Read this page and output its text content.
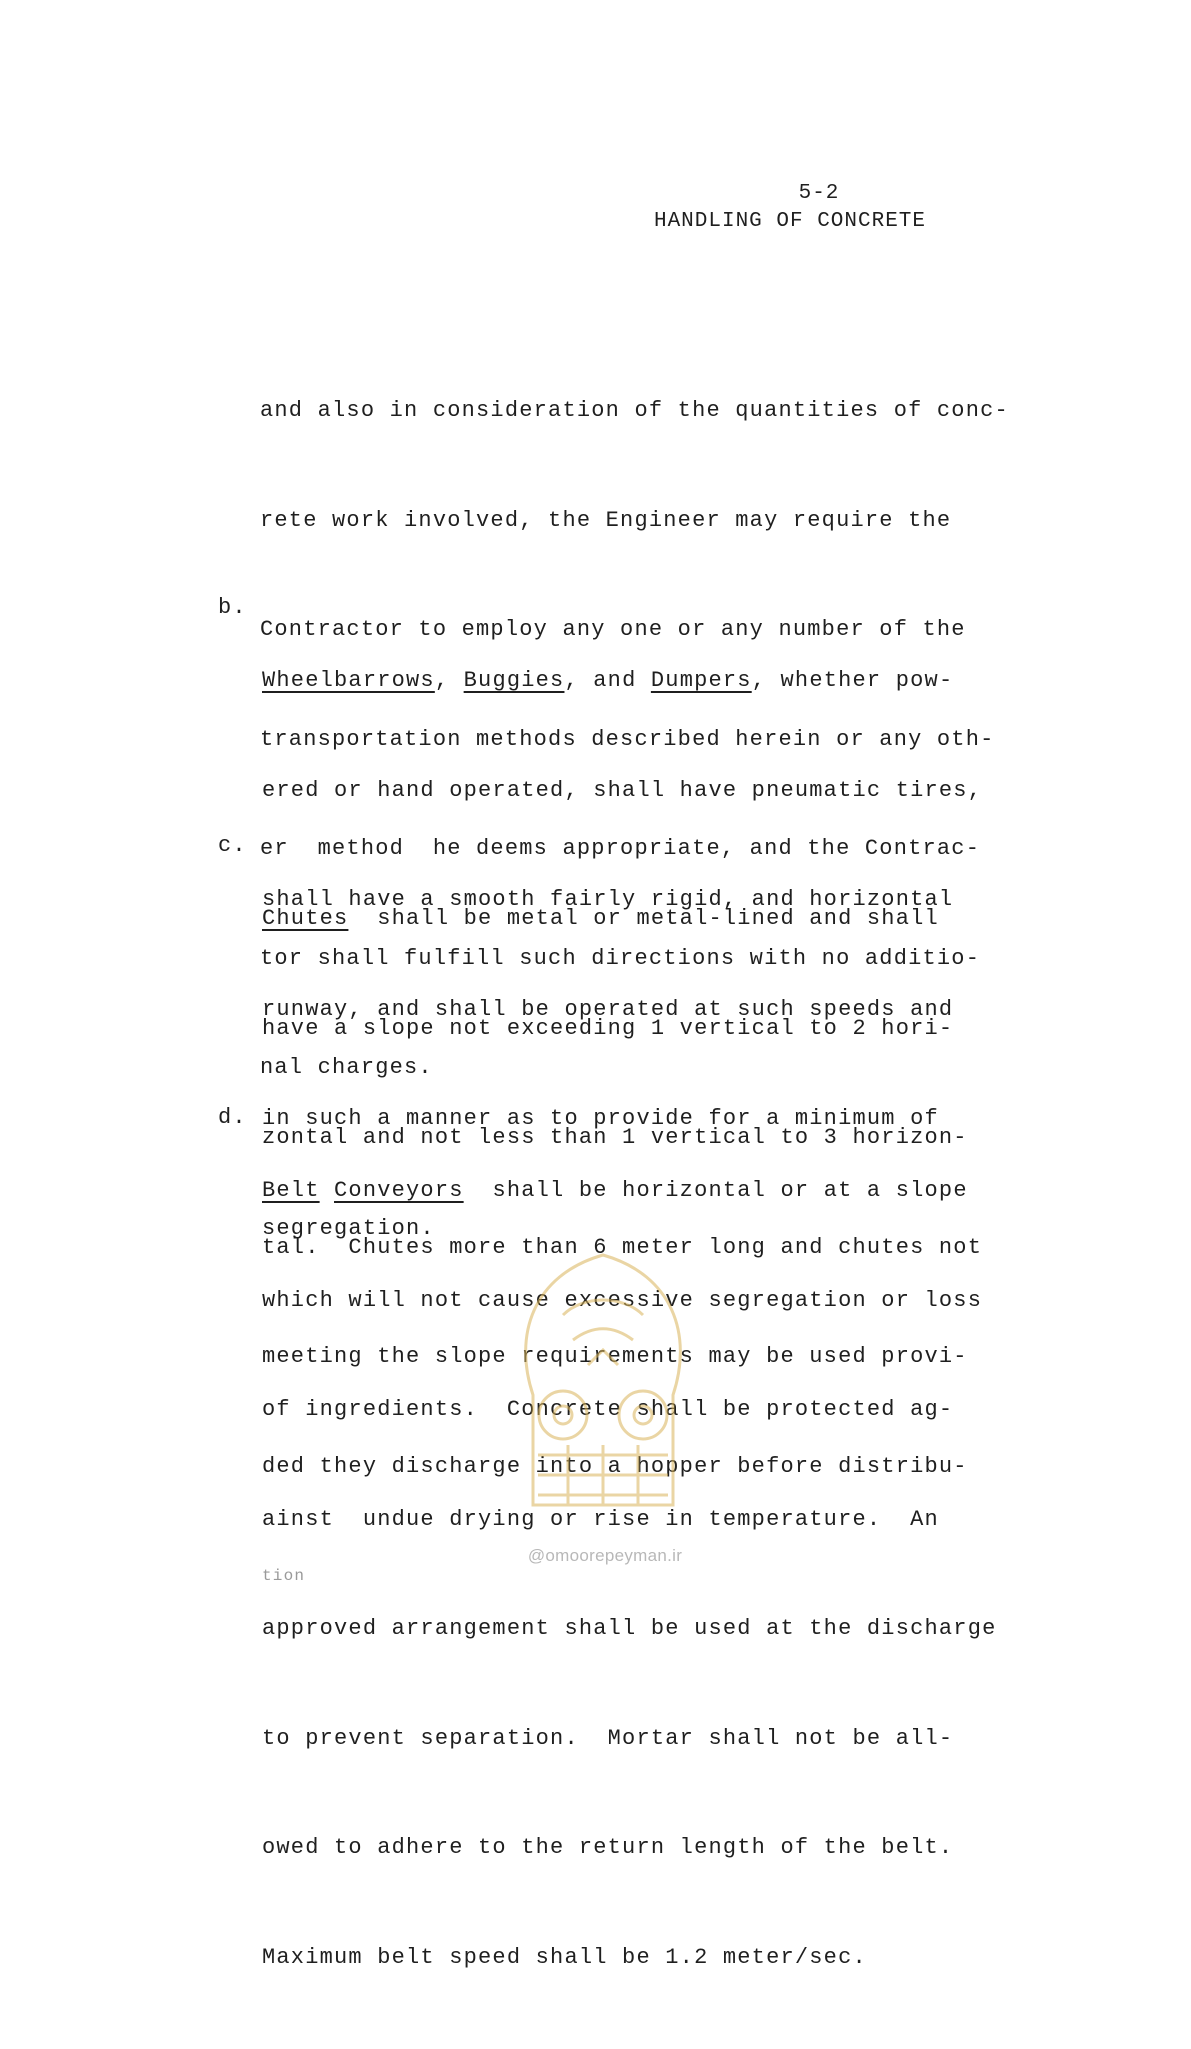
5-2
HANDLING OF CONCRETE

and also in consideration of the quantities of conc-

rete work involved, the Engineer may require the

Contractor to employ any one or any number of the

transportation methods described herein or any oth-

er  method  he deems appropriate, and the Contrac-

tor shall fulfill such directions with no additio-

nal charges.

b.

Wheelbarrows, Buggies, and Dumpers, whether pow-

ered or hand operated, shall have pneumatic tires,

shall have a smooth fairly rigid, and horizontal

runway, and shall be operated at such speeds and

in such a manner as to provide for a minimum of

segregation.

c.

Chutes  shall be metal or metal-lined and shall

have a slope not exceeding 1 vertical to 2 hori-

zontal and not less than 1 vertical to 3 horizon-

tal.  Chutes more than 6 meter long and chutes not

meeting the slope requirements may be used provi-

ded they discharge into a hopper before distribu-

tion

d.

Belt Conveyors  shall be horizontal or at a slope

which will not cause excessive segregation or loss

of ingredients.  Concrete shall be protected ag-

ainst  undue drying or rise in temperature.  An

approved arrangement shall be used at the discharge

to prevent separation.  Mortar shall not be all-

owed to adhere to the return length of the belt.

Maximum belt speed shall be 1.2 meter/sec.

@omoorepeyman.ir
